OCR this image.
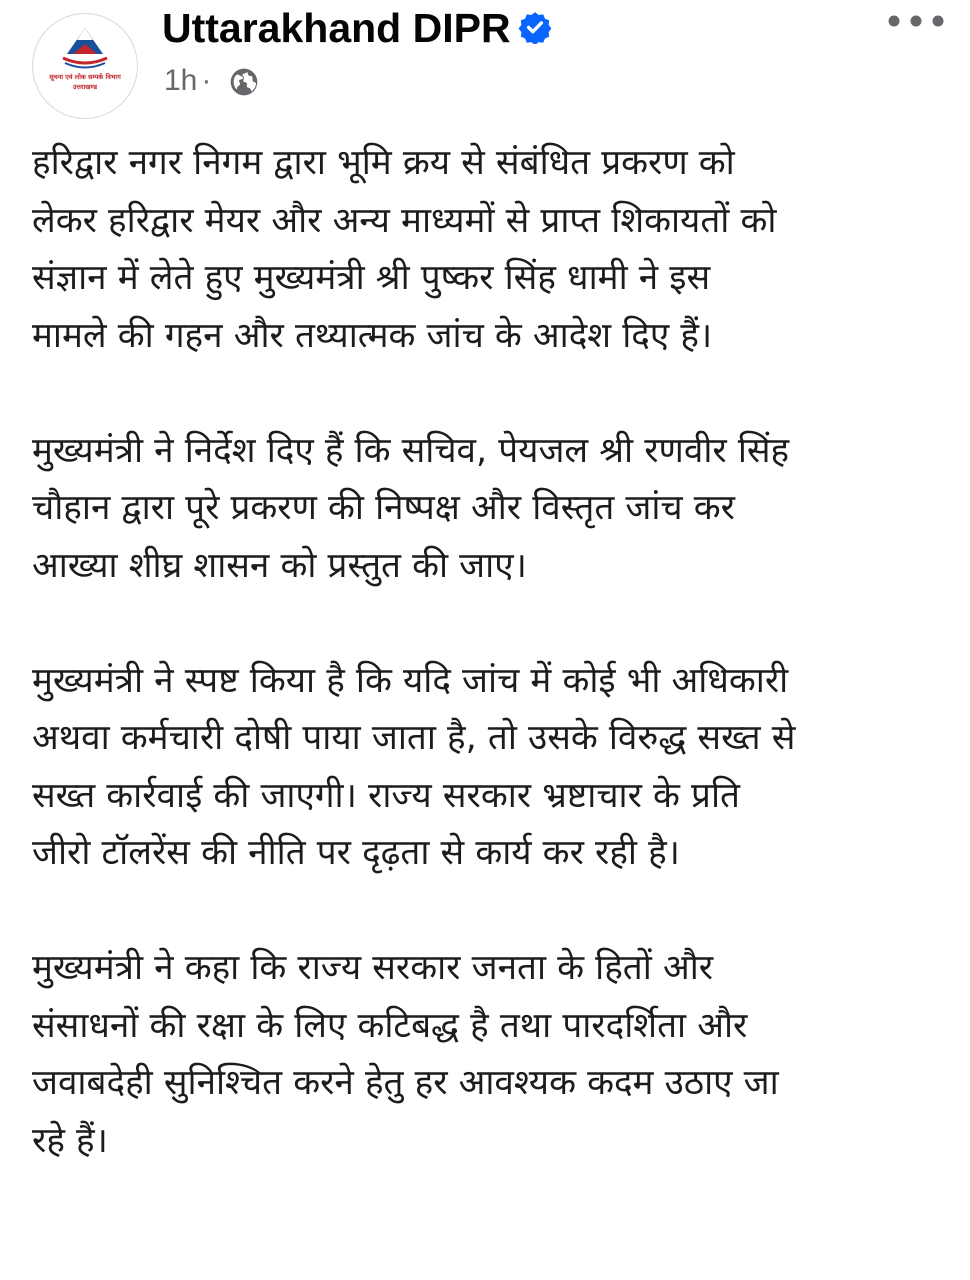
सूचना एवं लोक सम्पर्क विभाग
उत्तराखण्ड
Uttarakhand DIPR
1h ·

हरिद्वार नगर निगम द्वारा भूमि क्रय से संबंधित प्रकरण को
लेकर हरिद्वार मेयर और अन्य माध्यमों से प्राप्त शिकायतों को
संज्ञान में लेते हुए मुख्यमंत्री श्री पुष्कर सिंह धामी ने इस
मामले की गहन और तथ्यात्मक जांच के आदेश दिए हैं।

मुख्यमंत्री ने निर्देश दिए हैं कि सचिव, पेयजल श्री रणवीर सिंह
चौहान द्वारा पूरे प्रकरण की निष्पक्ष और विस्तृत जांच कर
आख्या शीघ्र शासन को प्रस्तुत की जाए।

मुख्यमंत्री ने स्पष्ट किया है कि यदि जांच में कोई भी अधिकारी
अथवा कर्मचारी दोषी पाया जाता है, तो उसके विरुद्ध सख्त से
सख्त कार्रवाई की जाएगी। राज्य सरकार भ्रष्टाचार के प्रति
जीरो टॉलरेंस की नीति पर दृढ़ता से कार्य कर रही है।

मुख्यमंत्री ने कहा कि राज्य सरकार जनता के हितों और
संसाधनों की रक्षा के लिए कटिबद्ध है तथा पारदर्शिता और
जवाबदेही सुनिश्चित करने हेतु हर आवश्यक कदम उठाए जा
रहे हैं।
